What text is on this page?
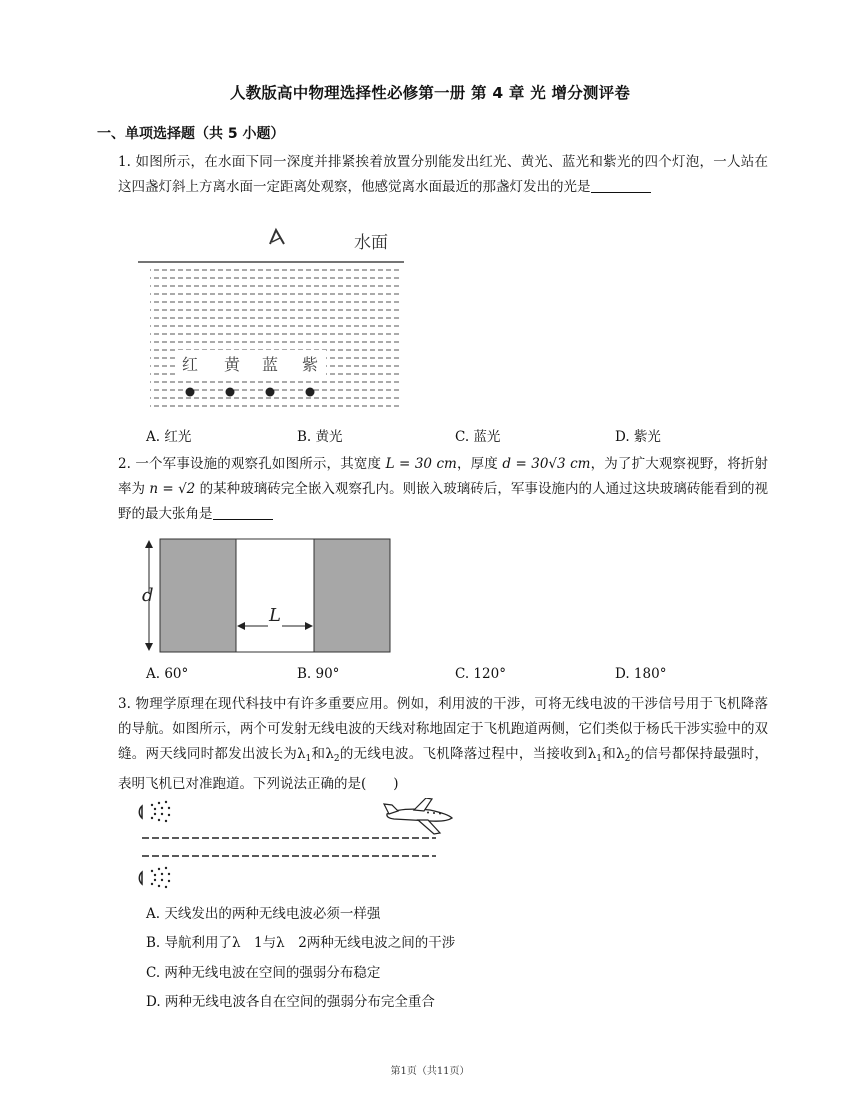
人教版高中物理选择性必修第一册 第 4 章 光 增分测评卷
一、单项选择题（共 5 小题）
1. 如图所示，在水面下同一深度并排紧挨着放置分别能发出红光、黄光、蓝光和紫光的四个灯泡，一人站在这四盏灯斜上方离水面一定距离处观察，他感觉离水面最近的那盏灯发出的光是
水面
红 黄 蓝 紫
A. 红光	B. 黄光	C. 蓝光	D. 紫光
2. 一个军事设施的观察孔如图所示，其宽度 L = 30 cm，厚度 d = 30√3 cm，为了扩大观察视野，将折射率为 n = √2 的某种玻璃砖完全嵌入观察孔内。则嵌入玻璃砖后，军事设施内的人通过这块玻璃砖能看到的视野的最大张角是
d
L
A. 60°	B. 90°	C. 120°	D. 180°
3. 物理学原理在现代科技中有许多重要应用。例如，利用波的干涉，可将无线电波的干涉信号用于飞机降落的导航。如图所示，两个可发射无线电波的天线对称地固定于飞机跑道两侧，它们类似于杨氏干涉实验中的双缝。两天线同时都发出波长为$\lambda_1$和$\lambda_2$的无线电波。飞机降落过程中，当接收到$\lambda_1$和$\lambda_2$的信号都保持最强时，表明飞机已对准跑道。下列说法正确的是(　　)
A. 天线发出的两种无线电波必须一样强
B. 导航利用了λ　1与λ　2两种无线电波之间的干涉
C. 两种无线电波在空间的强弱分布稳定
D. 两种无线电波各自在空间的强弱分布完全重合
第1页（共11页）
